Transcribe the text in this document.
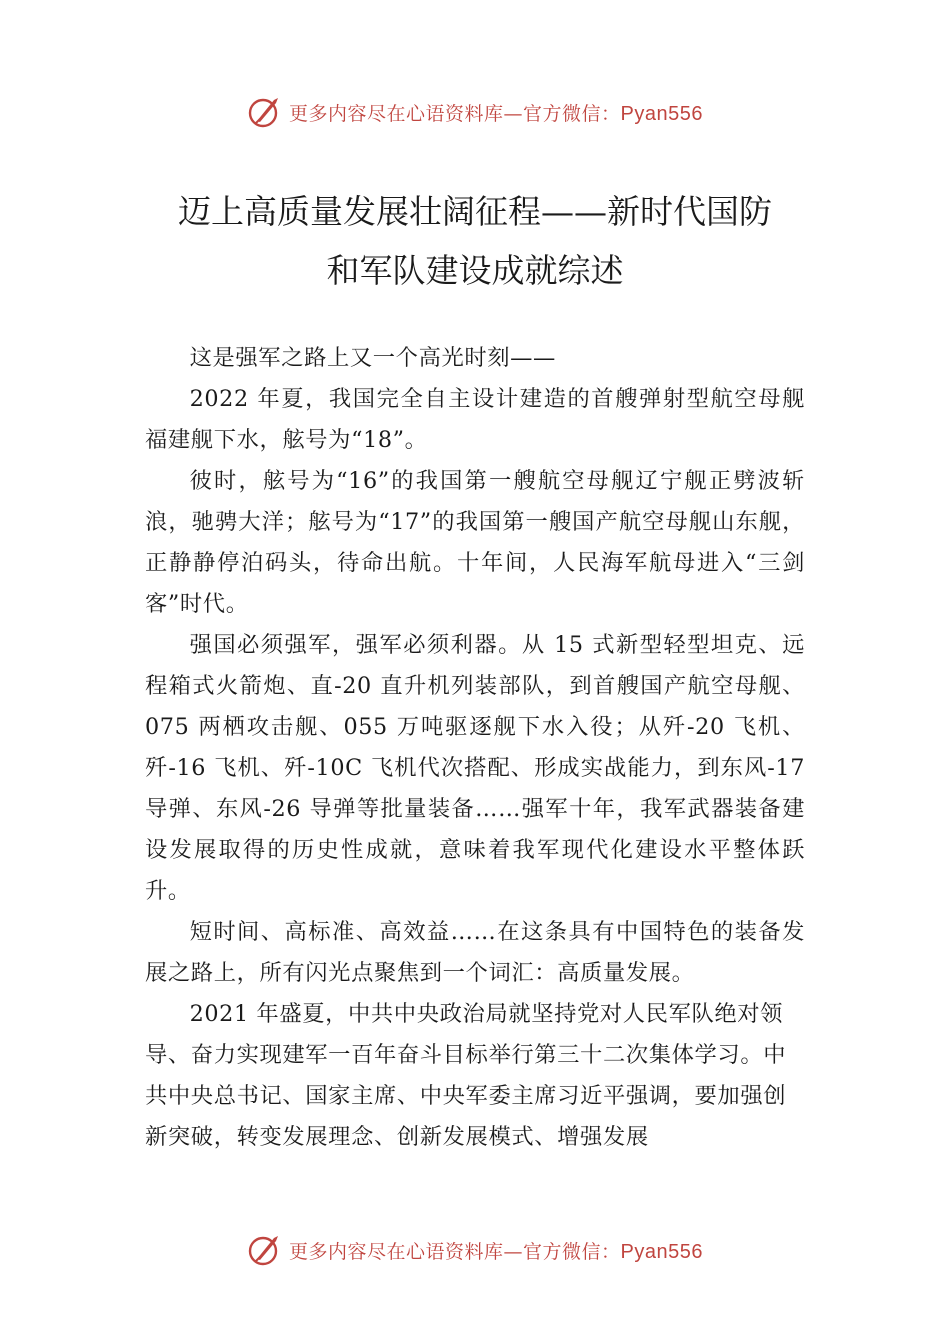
更多内容尽在心语资料库—官方微信： Pyan556
迈上高质量发展壮阔征程——新时代国防
和军队建设成就综述

这是强军之路上又一个高光时刻——

2022 年夏，我国完全自主设计建造的首艘弹射型航空母舰福建舰下水，舷号为“18”。

彼时，舷号为“16”的我国第一艘航空母舰辽宁舰正劈波斩浪，驰骋大洋；舷号为“17”的我国第一艘国产航空母舰山东舰，正静静停泊码头，待命出航。十年间，人民海军航母进入“三剑客”时代。

强国必须强军，强军必须利器。从 15 式新型轻型坦克、远程箱式火箭炮、直-20 直升机列装部队，到首艘国产航空母舰、075 两栖攻击舰、055 万吨驱逐舰下水入役；从歼-20 飞机、歼-16 飞机、歼-10C 飞机代次搭配、形成实战能力，到东风-17 导弹、东风-26 导弹等批量装备……强军十年，我军武器装备建设发展取得的历史性成就，意味着我军现代化建设水平整体跃升。

短时间、高标准、高效益……在这条具有中国特色的装备发展之路上，所有闪光点聚焦到一个词汇：高质量发展。

2021 年盛夏，中共中央政治局就坚持党对人民军队绝对领导、奋力实现建军一百年奋斗目标举行第三十二次集体学习。中共中央总书记、国家主席、中央军委主席习近平强调，要加强创新突破，转变发展理念、创新发展模式、增强发展

更多内容尽在心语资料库—官方微信： Pyan556
